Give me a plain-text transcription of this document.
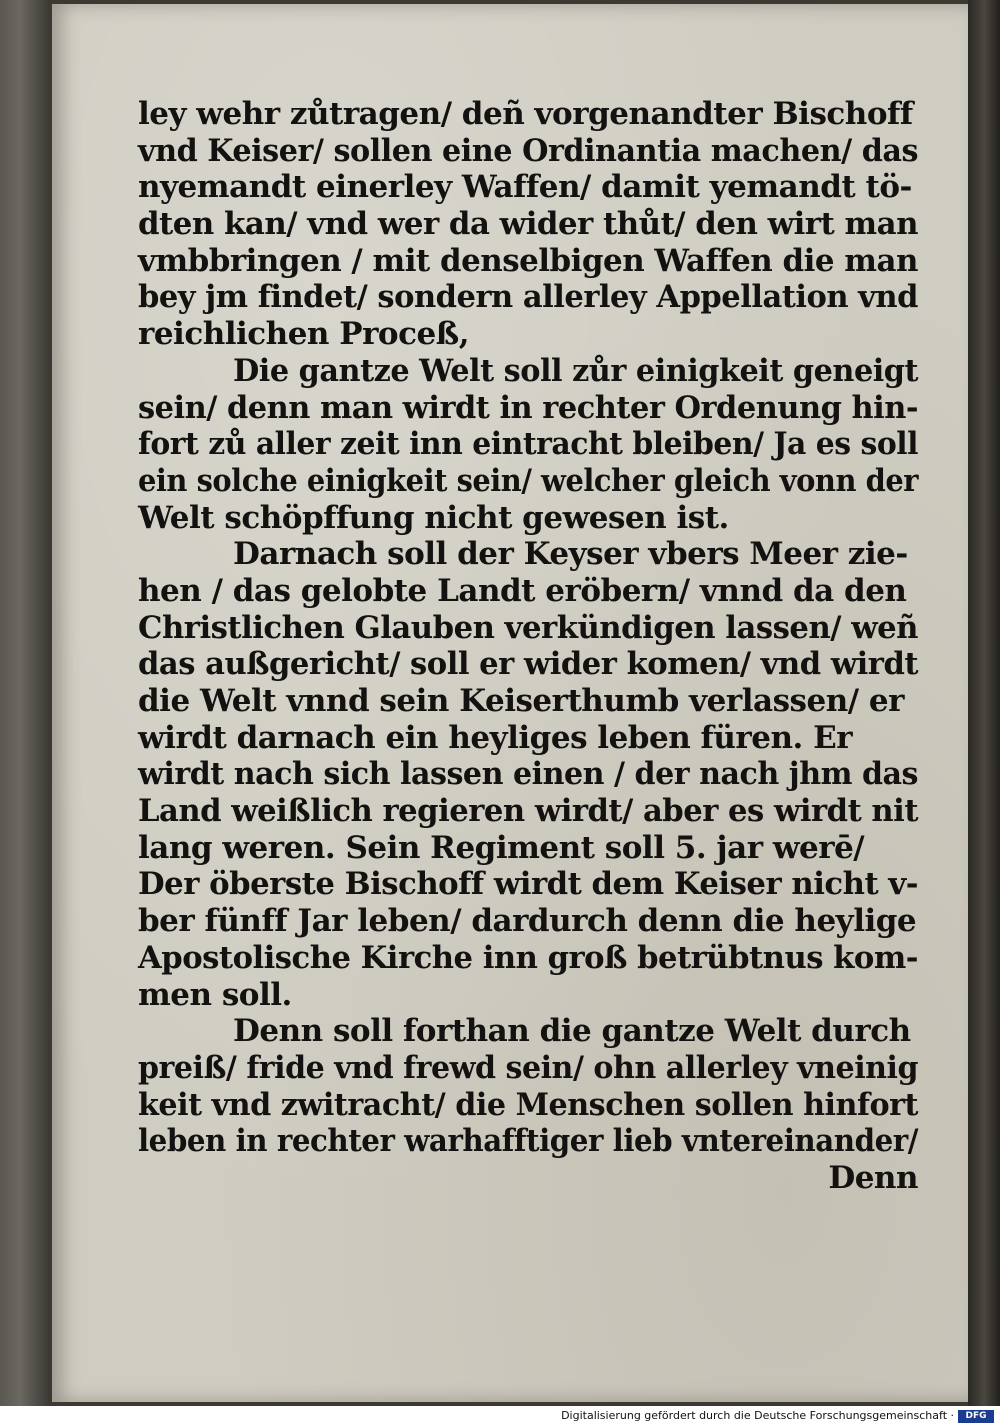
ley wehr zůtragen/ deñ vorgenandter Bischoff
vnd Keiser/ sollen eine Ordinantia machen/ das
nyemandt einerley Waffen/ damit yemandt tö-
dten kan/ vnd wer da wider thůt/ den wirt man
vmbbringen / mit denselbigen Waffen die man
bey jm findet/ sondern allerley Appellation vnd
reichlichen Proceß,
Die gantze Welt soll zůr einigkeit geneigt
sein/ denn man wirdt in rechter Ordenung hin-
fort zů aller zeit inn eintracht bleiben/ Ja es soll
ein solche einigkeit sein/ welcher gleich vonn der
Welt schöpffung nicht gewesen ist.
Darnach soll der Keyser vbers Meer zie-
hen / das gelobte Landt eröbern/ vnnd da den
Christlichen Glauben verkündigen lassen/ weñ
das außgericht/ soll er wider komen/ vnd wirdt
die Welt vnnd sein Keiserthumb verlassen/ er
wirdt darnach ein heyliges leben füren. Er
wirdt nach sich lassen einen / der nach jhm das
Land weißlich regieren wirdt/ aber es wirdt nit
lang weren. Sein Regiment soll 5. jar werē/
Der öberste Bischoff wirdt dem Keiser nicht v-
ber fünff Jar leben/ dardurch denn die heylige
Apostolische Kirche inn groß betrübtnus kom-
men soll.
Denn soll forthan die gantze Welt durch
preiß/ fride vnd frewd sein/ ohn allerley vneinig
keit vnd zwitracht/ die Menschen sollen hinfort
leben in rechter warhafftiger lieb vntereinander/
Denn
Digitalisierung gefördert durch die Deutsche Forschungsgemeinschaft ·	DFG
